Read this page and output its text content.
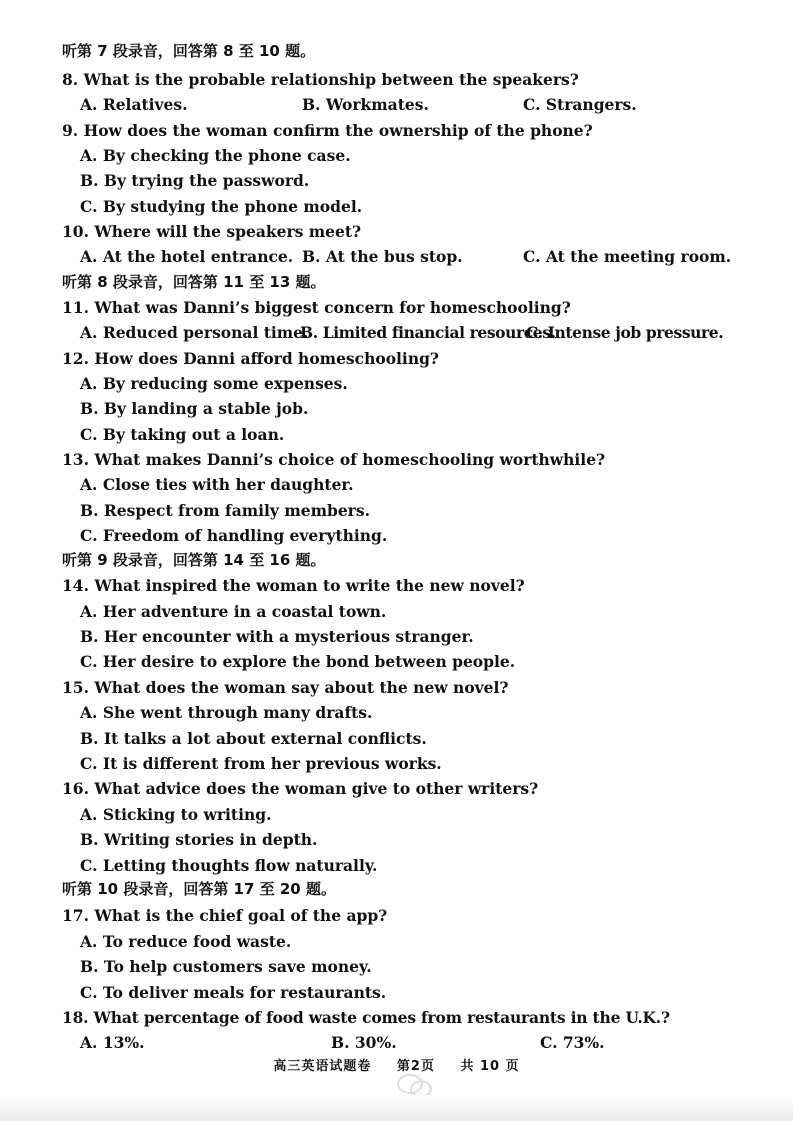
听第 7 段录音，回答第 8 至 10 题。
8. What is the probable relationship between the speakers?
A. Relatives.	B. Workmates.	C. Strangers.
9. How does the woman confirm the ownership of the phone?
A. By checking the phone case.
B. By trying the password.
C. By studying the phone model.
10. Where will the speakers meet?
A. At the hotel entrance. B. At the bus stop.	C. At the meeting room.
听第 8 段录音，回答第 11 至 13 题。
11. What was Danni’s biggest concern for homeschooling?
A. Reduced personal time.
B. Limited financial resources.
C. Intense job pressure.
12. How does Danni afford homeschooling?
A. By reducing some expenses.
B. By landing a stable job.
C. By taking out a loan.
13. What makes Danni’s choice of homeschooling worthwhile?
A. Close ties with her daughter.
B. Respect from family members.
C. Freedom of handling everything.
听第 9 段录音，回答第 14 至 16 题。
14. What inspired the woman to write the new novel?
A. Her adventure in a coastal town.
B. Her encounter with a mysterious stranger.
C. Her desire to explore the bond between people.
15. What does the woman say about the new novel?
A. She went through many drafts.
B. It talks a lot about external conflicts.
C. It is different from her previous works.
16. What advice does the woman give to other writers?
A. Sticking to writing.
B. Writing stories in depth.
C. Letting thoughts flow naturally.
听第 10 段录音，回答第 17 至 20 题。
17. What is the chief goal of the app?
A. To reduce food waste.
B. To help customers save money.
C. To deliver meals for restaurants.
18. What percentage of food waste comes from restaurants in the U.K.?
A. 13%.	B. 30%.	C. 73%.
高三英语试题卷 第2页 共 10 页
